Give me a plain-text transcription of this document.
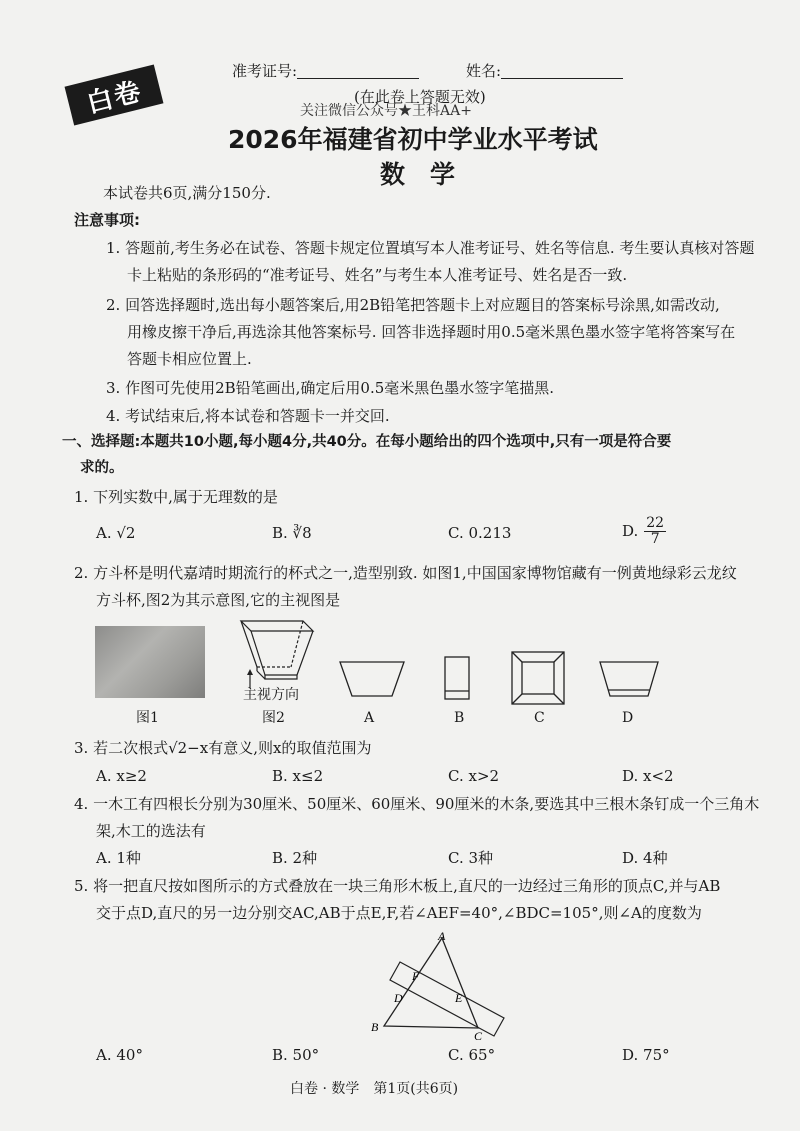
白卷
准考证号:	姓名:
(在此卷上答题无效)
关注微信公众号★王科AA+
2026年福建省初中学业水平考试
数　学
本试卷共6页,满分150分.
注意事项:
1. 答题前,考生务必在试卷、答题卡规定位置填写本人准考证号、姓名等信息. 考生要认真核对答题
卡上粘贴的条形码的“准考证号、姓名”与考生本人准考证号、姓名是否一致.
2. 回答选择题时,选出每小题答案后,用2B铅笔把答题卡上对应题目的答案标号涂黑,如需改动,
用橡皮擦干净后,再选涂其他答案标号. 回答非选择题时用0.5毫米黑色墨水签字笔将答案写在
答题卡相应位置上.
3. 作图可先使用2B铅笔画出,确定后用0.5毫米黑色墨水签字笔描黑.
4. 考试结束后,将本试卷和答题卡一并交回.
一、选择题:本题共10小题,每小题4分,共40分。在每小题给出的四个选项中,只有一项是符合要
求的。
1. 下列实数中,属于无理数的是
A. √2	B. ∛8	C. 0.213	D. $\frac{22}{7}$
2. 方斗杯是明代嘉靖时期流行的杯式之一,造型别致. 如图1,中国国家博物馆藏有一例黄地绿彩云龙纹
方斗杯,图2为其示意图,它的主视图是
主视方向
图1	图2	A	B	C	D
3. 若二次根式√2−x有意义,则x的取值范围为
A. x≥2	B. x≤2	C. x>2	D. x<2
4. 一木工有四根长分别为30厘米、50厘米、60厘米、90厘米的木条,要选其中三根木条钉成一个三角木
架,木工的选法有
A. 1种	B. 2种	C. 3种	D. 4种
5. 将一把直尺按如图所示的方式叠放在一块三角形木板上,直尺的一边经过三角形的顶点C,并与AB
交于点D,直尺的另一边分别交AC,AB于点E,F,若∠AEF=40°,∠BDC=105°,则∠A的度数为
A
B
C
D	E
F
A. 40°	B. 50°	C. 65°	D. 75°
白卷 · 数学　第1页(共6页)
